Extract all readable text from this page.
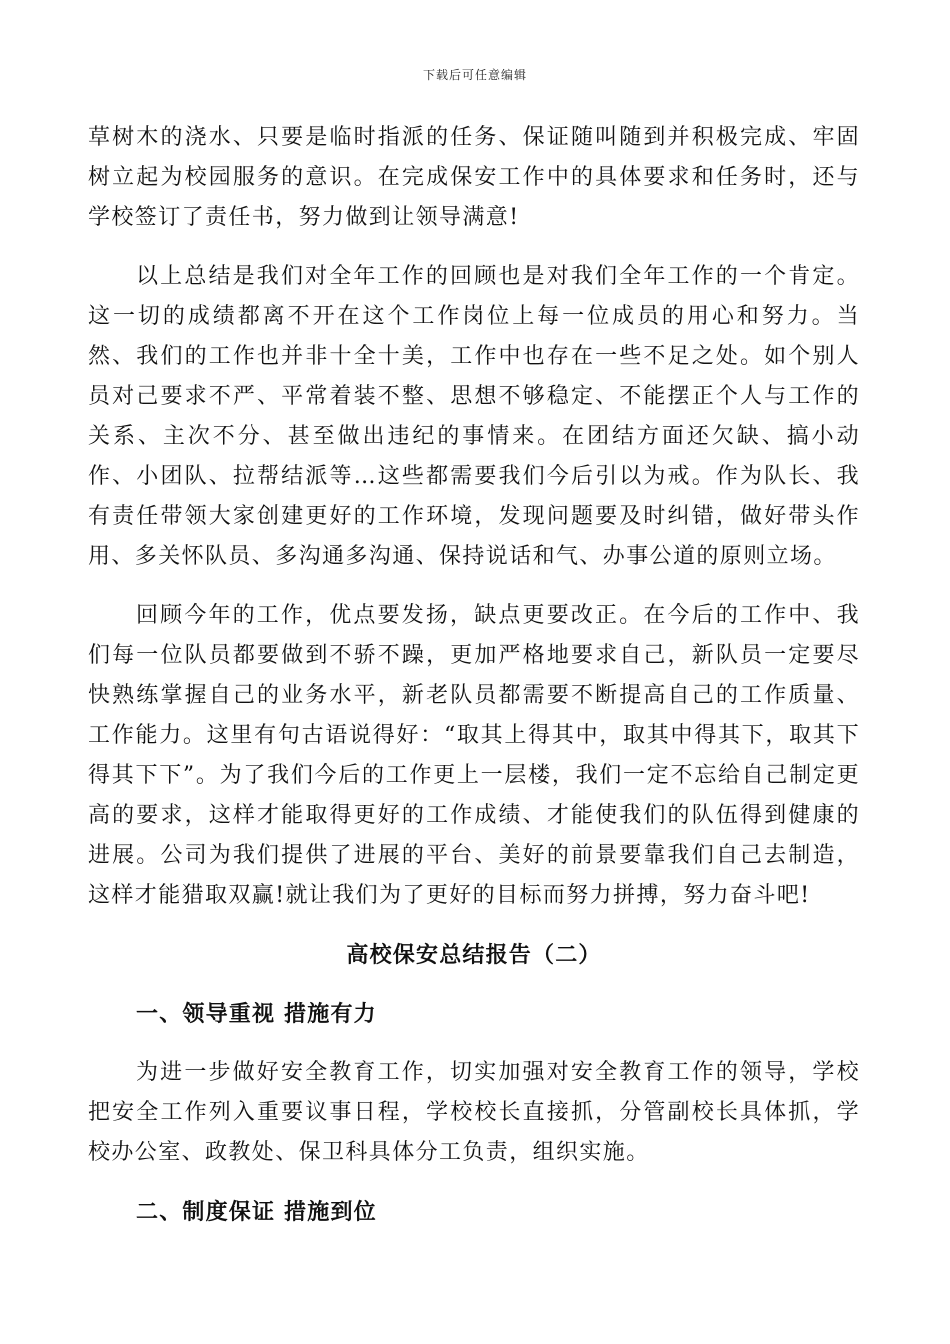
下载后可任意编辑

草树木的浇水、只要是临时指派的任务、保证随叫随到并积极完成、牢固树立起为校园服务的意识。在完成保安工作中的具体要求和任务时，还与学校签订了责任书，努力做到让领导满意!

以上总结是我们对全年工作的回顾也是对我们全年工作的一个肯定。这一切的成绩都离不开在这个工作岗位上每一位成员的用心和努力。当然、我们的工作也并非十全十美，工作中也存在一些不足之处。如个别人员对己要求不严、平常着装不整、思想不够稳定、不能摆正个人与工作的关系、主次不分、甚至做出违纪的事情来。在团结方面还欠缺、搞小动作、小团队、拉帮结派等…这些都需要我们今后引以为戒。作为队长、我有责任带领大家创建更好的工作环境，发现问题要及时纠错，做好带头作用、多关怀队员、多沟通多沟通、保持说话和气、办事公道的原则立场。

回顾今年的工作，优点要发扬，缺点更要改正。在今后的工作中、我们每一位队员都要做到不骄不躁，更加严格地要求自己，新队员一定要尽快熟练掌握自己的业务水平，新老队员都需要不断提高自己的工作质量、工作能力。这里有句古语说得好：“取其上得其中，取其中得其下，取其下得其下下”。为了我们今后的工作更上一层楼，我们一定不忘给自己制定更高的要求，这样才能取得更好的工作成绩、才能使我们的队伍得到健康的进展。公司为我们提供了进展的平台、美好的前景要靠我们自己去制造，这样才能猎取双赢!就让我们为了更好的目标而努力拼搏，努力奋斗吧!

高校保安总结报告（二）

一、领导重视 措施有力

为进一步做好安全教育工作，切实加强对安全教育工作的领导，学校把安全工作列入重要议事日程，学校校长直接抓，分管副校长具体抓，学校办公室、政教处、保卫科具体分工负责，组织实施。

二、制度保证 措施到位
